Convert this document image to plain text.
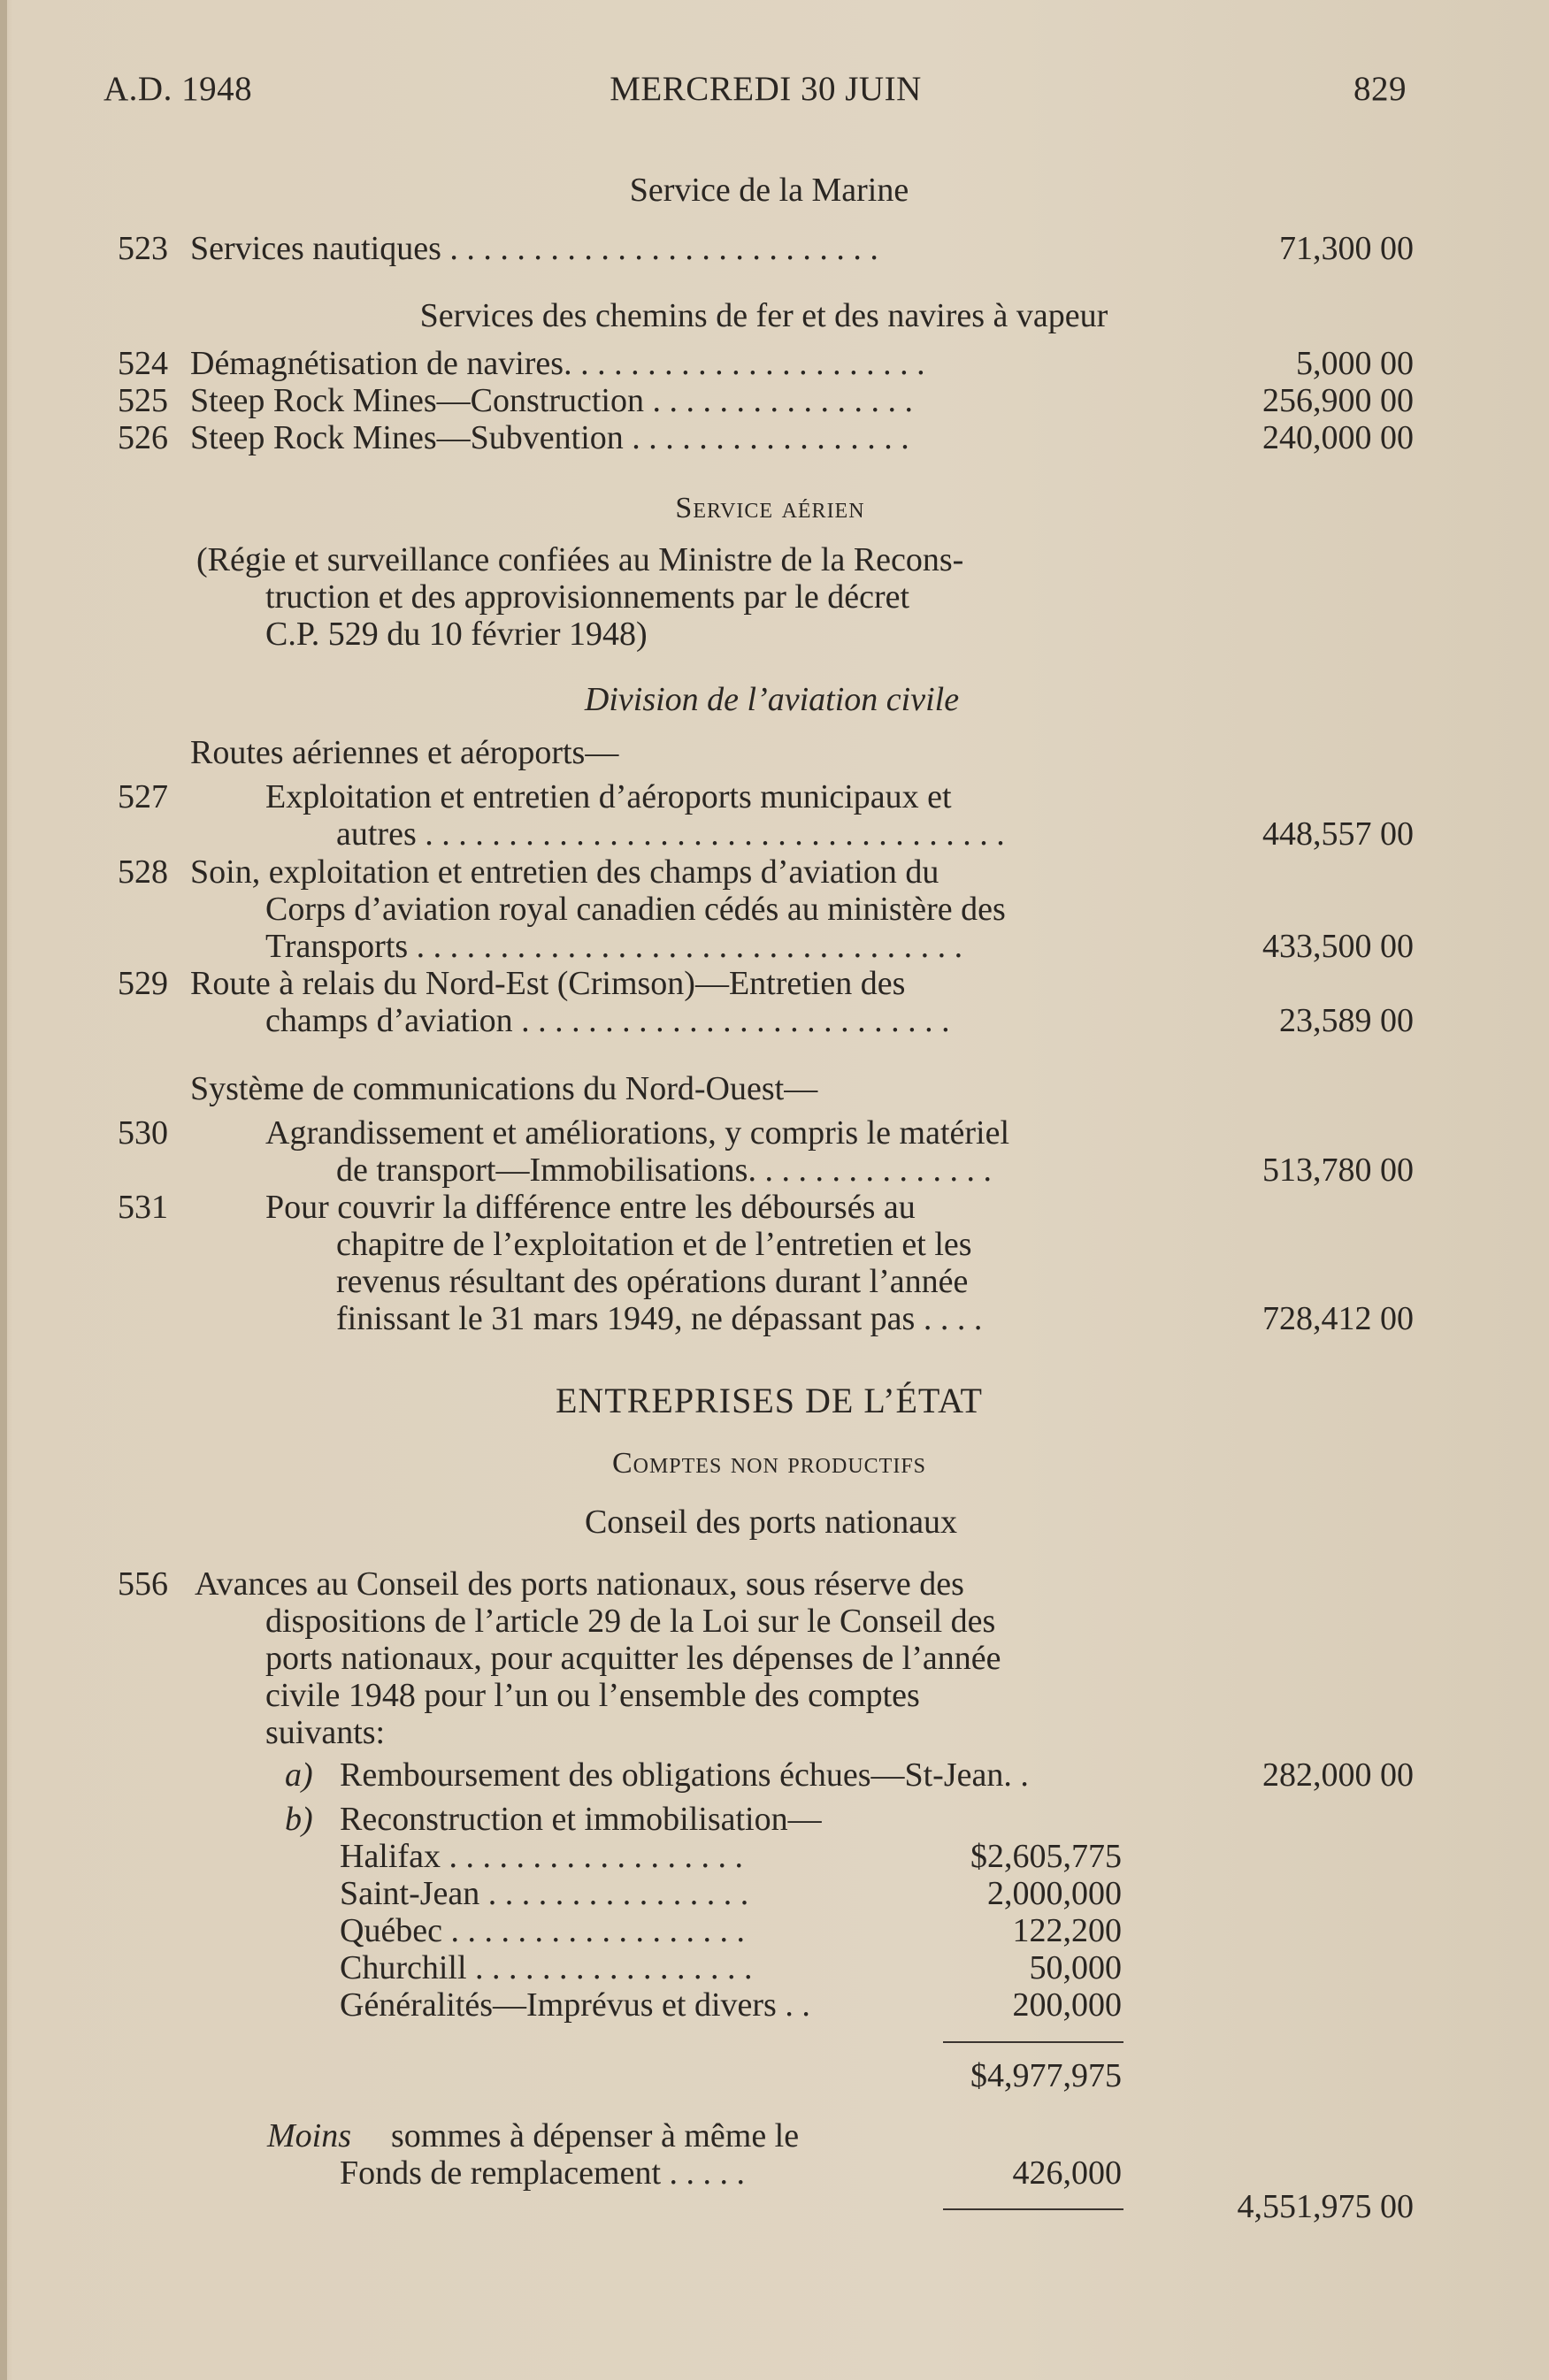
A.D. 1948	MERCREDI 30 JUIN	829
Service de la Marine
523 Services nautiques . . . . . . . . . . . . . . . . . . . . . . . . . .	71,300 00
Services des chemins de fer et des navires à vapeur
524 Démagnétisation de navires. . . . . . . . . . . . . . . . . . . . . .	5,000 00
525 Steep Rock Mines—Construction . . . . . . . . . . . . . . . .	256,900 00
526 Steep Rock Mines—Subvention . . . . . . . . . . . . . . . . .	240,000 00
Service aérien
(Régie et surveillance confiées au Ministre de la Recons-
truction et des approvisionnements par le décret
C.P. 529 du 10 février 1948)
Division de l’aviation civile
Routes aériennes et aéroports—
527	Exploitation et entretien d’aéroports municipaux et
autres . . . . . . . . . . . . . . . . . . . . . . . . . . . . . . . . . . .	448,557 00
528 Soin, exploitation et entretien des champs d’aviation du
Corps d’aviation royal canadien cédés au ministère des
Transports . . . . . . . . . . . . . . . . . . . . . . . . . . . . . . . . .	433,500 00
529 Route à relais du Nord-Est (Crimson)—Entretien des
champs d’aviation . . . . . . . . . . . . . . . . . . . . . . . . . .	23,589 00
Système de communications du Nord-Ouest—
530	Agrandissement et améliorations, y compris le matériel
de transport—Immobilisations. . . . . . . . . . . . . . .	513,780 00
531	Pour couvrir la différence entre les déboursés au
chapitre de l’exploitation et de l’entretien et les
revenus résultant des opérations durant l’année
finissant le 31 mars 1949, ne dépassant pas . . . .	728,412 00
ENTREPRISES DE L’ÉTAT
Comptes non productifs
Conseil des ports nationaux
556 Avances au Conseil des ports nationaux, sous réserve des
dispositions de l’article 29 de la Loi sur le Conseil des
ports nationaux, pour acquitter les dépenses de l’année
civile 1948 pour l’un ou l’ensemble des comptes
suivants:
a) Remboursement des obligations échues—St-Jean. .	282,000 00
b) Reconstruction et immobilisation—
Halifax . . . . . . . . . . . . . . . . . .	$2,605,775
Saint-Jean . . . . . . . . . . . . . . . .	2,000,000
Québec . . . . . . . . . . . . . . . . . .	122,200
Churchill . . . . . . . . . . . . . . . . .	50,000
Généralités—Imprévus et divers . .	200,000
$4,977,975
Moins sommes à dépenser à même le
Fonds de remplacement . . . . .	426,000
4,551,975 00
